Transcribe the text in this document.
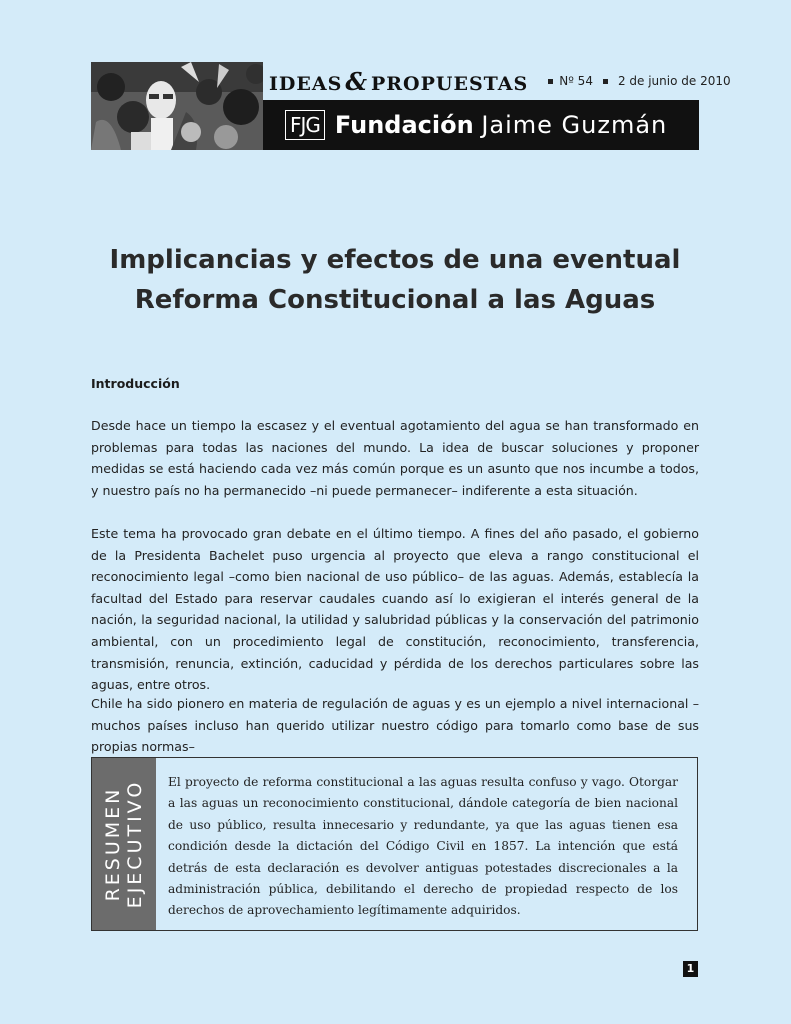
IDEAS & PROPUESTAS	Nº 54 2 de junio de 2010
FJG Fundación Jaime Guzmán
Implicancias y efectos de una eventual
Reforma Constitucional a las Aguas
Introducción

Desde hace un tiempo la escasez y el eventual agotamiento del agua se han transformado en problemas para todas las naciones del mundo. La idea de buscar soluciones y proponer medidas se está haciendo cada vez más común porque es un asunto que nos incumbe a todos, y nuestro país no ha permanecido –ni puede permanecer– indiferente a esta situación.

Este tema ha provocado gran debate en el último tiempo. A fines del año pasado, el gobierno de la Presidenta Bachelet puso urgencia al proyecto que eleva a rango constitucional el reconocimiento legal –como bien nacional de uso público– de las aguas. Además, establecía la facultad del Estado para reservar caudales cuando así lo exigieran el interés general de la nación, la seguridad nacional, la utilidad y salubridad públicas y la conservación del patrimonio ambiental, con un procedimiento legal de constitución, reconocimiento, transferencia, transmisión, renuncia, extinción, caducidad y pérdida de los derechos particulares sobre las aguas, entre otros.

Chile ha sido pionero en materia de regulación de aguas y es un ejemplo a nivel internacional –muchos países incluso han querido utilizar nuestro código para tomarlo como base de sus propias normas–

RESUMEN EJECUTIVO	El proyecto de reforma constitucional a las aguas resulta confuso y vago. Otorgar a las aguas un reconocimiento constitucional, dándole categoría de bien nacional de uso público, resulta innecesario y redundante, ya que las aguas tienen esa condición desde la dictación del Código Civil en 1857. La intención que está detrás de esta declaración es devolver antiguas potestades discrecionales a la administración pública, debilitando el derecho de propiedad respecto de los derechos de aprovechamiento legítimamente adquiridos.
1
